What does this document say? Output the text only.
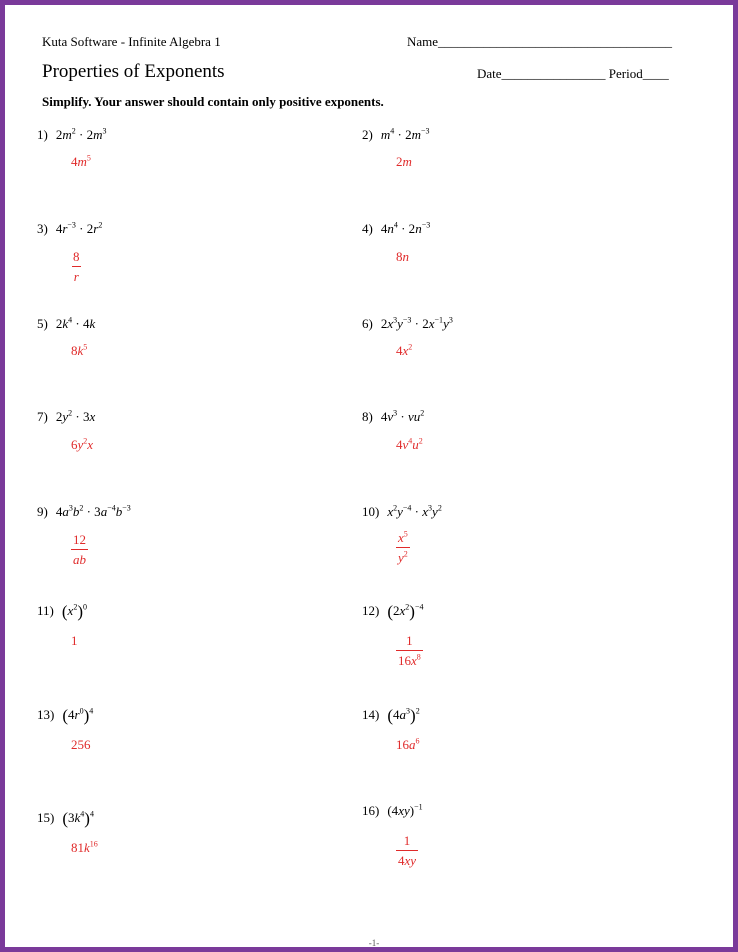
Kuta Software - Infinite Algebra 1	Name____________________________________
Properties of Exponents	Date________________ Period____
Simplify. Your answer should contain only positive exponents.
1) $2m^2 \cdot 2m^3$
$4m^5$
2) $m^4 \cdot 2m^{-3}$
2m
3) $4r^{-3} \cdot 2r^2$
$\frac{8}{r}$
4) $4n^4 \cdot 2n^{-3}$
8n
5) $2k^4 \cdot 4k$
$8k^5$
6) $2x^3y^{-3} \cdot 2x^{-1}y^3$
$4x^2$
7) $2y^2 \cdot 3x$
$6y^2x$
8) $4v^3 \cdot vu^2$
$4v^4u^2$
9) $4a^3b^2 \cdot 3a^{-4}b^{-3}$
$\frac{12}{ab}$
10) $x^2y^{-4} \cdot x^3y^2$
$\frac{x^5}{y^2}$
11) $(x^2)^0$
1
12) $(2x^2)^{-4}$
$\frac{1}{16x^8}$
13) $(4r^0)^4$
256
14) $(4a^3)^2$
$16a^6$
15) $(3k^4)^4$
$81k^{16}$
16) $(4xy)^{-1}$
$\frac{1}{4xy}$
-1-
